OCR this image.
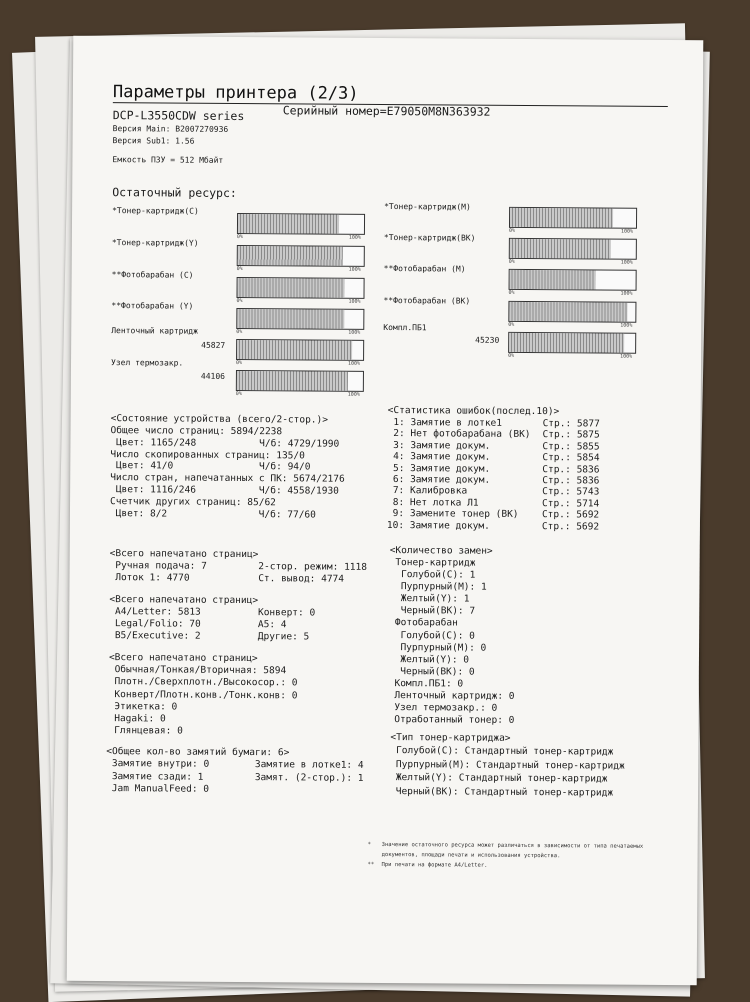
Параметры принтера (2/3)
DCP-L3550CDW series	Серийный номер=E79050M8N363932
Версия Main: B2007270936
Версия Sub1: 1.56
Емкость ПЗУ = 512 Мбайт
Остаточный ресурс:
*Тонер-картридж(C)
0%	100%
*Тонер-картридж(Y)
0%	100%
**Фотобарабан (C)
0%	100%
**Фотобарабан (Y)
0%	100%
*Тонер-картридж(M)
0%	100%
*Тонер-картридж(BK)
0%	100%
**Фотобарабан (M)
0%	100%
**Фотобарабан (BK)
0%	100%
0%	100%
0%	100%
0%	100%
Ленточный картридж
45827
Узел термозакр.
44106
Компл.ПБ1
45230
<Состояние устройства (всего/2-стор.)>
Общее число страниц: 5894/2238
Цвет: 1165/248           Ч/б: 4729/1990
Число скопированных страниц: 135/0
Цвет: 41/0               Ч/б: 94/0
Число стран, напечатанных с ПК: 5674/2176
Цвет: 1116/246           Ч/б: 4558/1930
Счетчик других страниц: 85/62
Цвет: 8/2                Ч/б: 77/60
<Всего напечатано страниц>
Ручная подача: 7         2-стор. режим: 1118
Лоток 1: 4770            Ст. вывод: 4774
<Всего напечатано страниц>
A4/Letter: 5813          Конверт: 0
Legal/Folio: 70          A5: 4
B5/Executive: 2          Другие: 5
<Всего напечатано страниц>
Обычная/Тонкая/Вторичная: 5894
Плотн./Сверхплотн./Высокосор.: 0
Конверт/Плотн.конв./Тонк.конв: 0
Этикетка: 0
Hagaki: 0
Глянцевая: 0
<Общее кол-во замятий бумаги: 6>
Замятие внутри: 0        Замятие в лотке1: 4
Замятие сзади: 1         Замят. (2-стор.): 1
Jam ManualFeed: 0
<Статистика ошибок(послед.10)>
1: Замятие в лотке1	Стр.: 5877
2: Нет фотобарабана (BK) Стр.: 5875
3: Замятие докум.	Стр.: 5855
4: Замятие докум.	Стр.: 5854
5: Замятие докум.	Стр.: 5836
6: Замятие докум.	Стр.: 5836
7: Калибровка	Стр.: 5743
8: Нет лотка Л1	Стр.: 5714
9: Замените тонер (BK) Стр.: 5692
10: Замятие докум.	Стр.: 5692
<Количество замен>
Тонер-картридж
Голубой(C): 1
Пурпурный(M): 1
Желтый(Y): 1
Черный(BK): 7
Фотобарабан
Голубой(C): 0
Пурпурный(M): 0
Желтый(Y): 0
Черный(BK): 0
Компл.ПБ1: 0
Ленточный картридж: 0
Узел термозакр.: 0
Отработанный тонер: 0
<Тип тонер-картриджа>
Голубой(C): Стандартный тонер-картридж
Пурпурный(M): Стандартный тонер-картридж
Желтый(Y): Стандартный тонер-картридж
Черный(BK): Стандартный тонер-картридж
* Значение остаточного ресурса может различаться в зависимости от типа печатаемых
документов, площади печати и использования устройства.
** При печати на формате A4/Letter.
